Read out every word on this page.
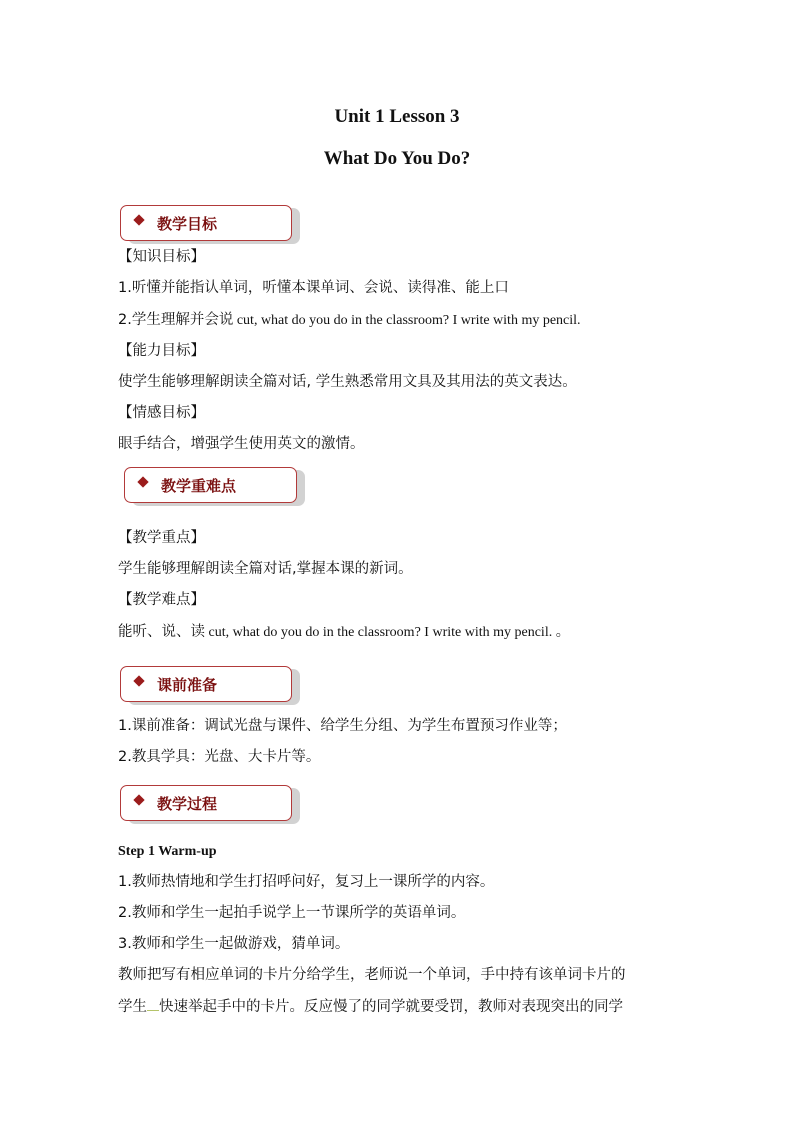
Unit 1 Lesson 3
What Do You Do?
教学目标
【知识目标】
1.听懂并能指认单词，听懂本课单词、会说、读得准、能上口
2.学生理解并会说 cut, what do you do in the classroom? I write with my pencil.
【能力目标】
使学生能够理解朗读全篇对话, 学生熟悉常用文具及其用法的英文表达。
【情感目标】
眼手结合，增强学生使用英文的激情。
教学重难点
【教学重点】
学生能够理解朗读全篇对话,掌握本课的新词。
【教学难点】
能听、说、读 cut, what do you do in the classroom? I write with my pencil. 。
课前准备
1.课前准备：调试光盘与课件、给学生分组、为学生布置预习作业等；
2.教具学具：光盘、大卡片等。
教学过程
Step 1 Warm-up
1.教师热情地和学生打招呼问好，复习上一课所学的内容。
2.教师和学生一起拍手说学上一节课所学的英语单词。
3.教师和学生一起做游戏，猜单词。
教师把写有相应单词的卡片分给学生，老师说一个单词，手中持有该单词卡片的
学生 快速举起手中的卡片。反应慢了的同学就要受罚，教师对表现突出的同学
